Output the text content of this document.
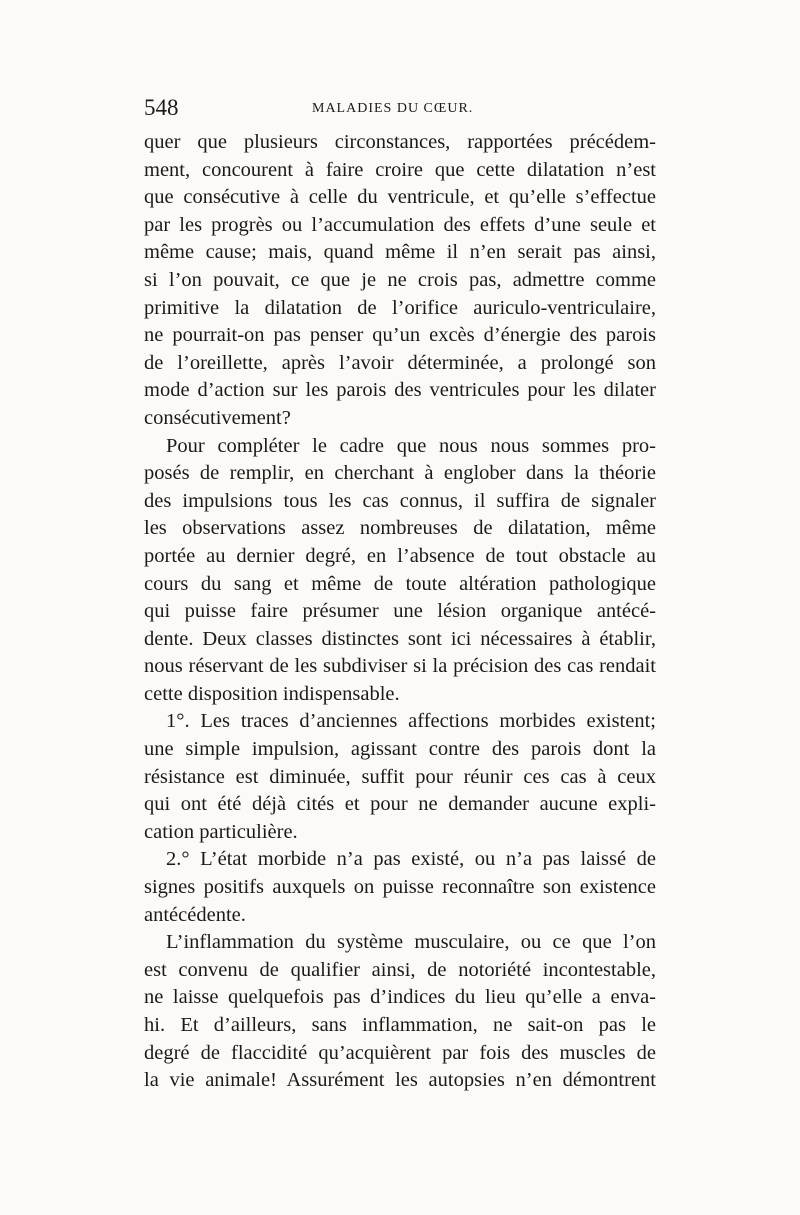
548	MALADIES DU CŒUR.
quer que plusieurs circonstances, rapportées précédem-
ment, concourent à faire croire que cette dilatation n’est
que consécutive à celle du ventricule, et qu’elle s’effectue
par les progrès ou l’accumulation des effets d’une seule et
même cause; mais, quand même il n’en serait pas ainsi,
si l’on pouvait, ce que je ne crois pas, admettre comme
primitive la dilatation de l’orifice auriculo-ventriculaire,
ne pourrait-on pas penser qu’un excès d’énergie des parois
de l’oreillette, après l’avoir déterminée, a prolongé son
mode d’action sur les parois des ventricules pour les dilater
consécutivement?
Pour compléter le cadre que nous nous sommes pro-
posés de remplir, en cherchant à englober dans la théorie
des impulsions tous les cas connus, il suffira de signaler
les observations assez nombreuses de dilatation, même
portée au dernier degré, en l’absence de tout obstacle au
cours du sang et même de toute altération pathologique
qui puisse faire présumer une lésion organique antécé-
dente. Deux classes distinctes sont ici nécessaires à établir,
nous réservant de les subdiviser si la précision des cas rendait
cette disposition indispensable.
1°. Les traces d’anciennes affections morbides existent;
une simple impulsion, agissant contre des parois dont la
résistance est diminuée, suffit pour réunir ces cas à ceux
qui ont été déjà cités et pour ne demander aucune expli-
cation particulière.
2.° L’état morbide n’a pas existé, ou n’a pas laissé de
signes positifs auxquels on puisse reconnaître son existence
antécédente.
L’inflammation du système musculaire, ou ce que l’on
est convenu de qualifier ainsi, de notoriété incontestable,
ne laisse quelquefois pas d’indices du lieu qu’elle a enva-
hi. Et d’ailleurs, sans inflammation, ne sait-on pas le
degré de flaccidité qu’acquièrent par fois des muscles de
la vie animale! Assurément les autopsies n’en démontrent
